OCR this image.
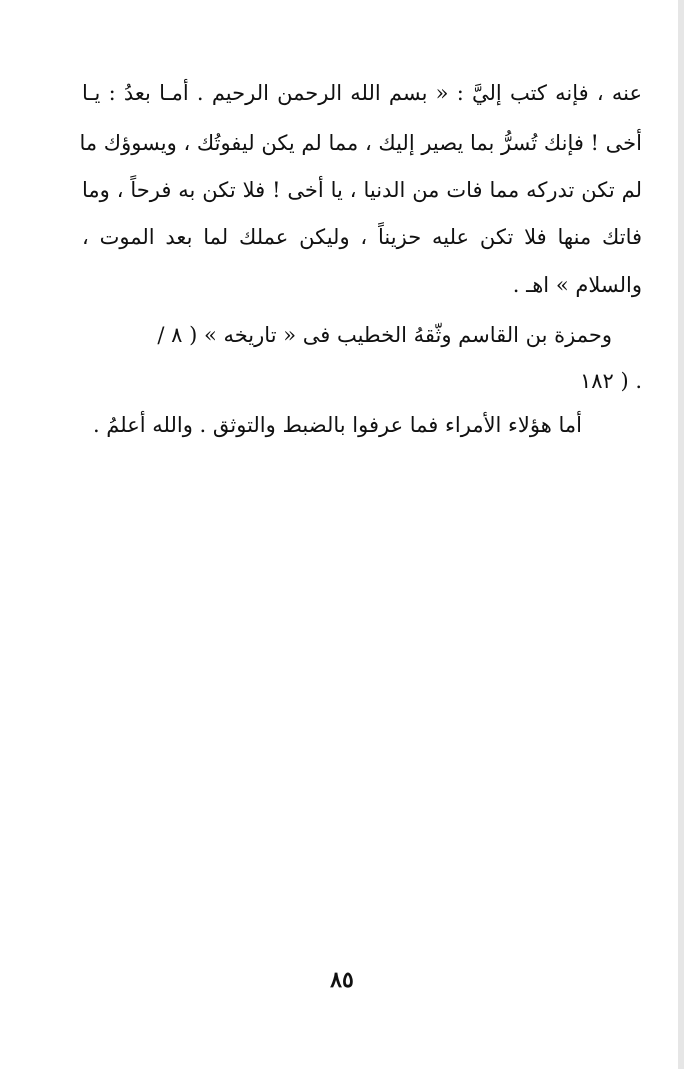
عنه ، فإنه كتب إليَّ : « بسم الله الرحمن الرحيم . أمـا بعدُ : يـا
أخى ! فإنك تُسرُّ بما يصير إليك ، مما لم يكن ليفوتُك ، ويسوؤك ما
لم تكن تدركه مما فات من الدنيا ، يا أخى ! فلا تكن به فرحاً ، وما
فاتك منها فلا تكن عليه حزيناً ، وليكن عملك لما بعد الموت ،
والسلام » اهـ .
وحمزة بن القاسم وثّقهُ الخطيب فى « تاريخه » ( ٨ /
. ( ١٨٢
أما هؤلاء الأمراء فما عرفوا بالضبط والتوثق . والله أعلمُ .
٨٥
